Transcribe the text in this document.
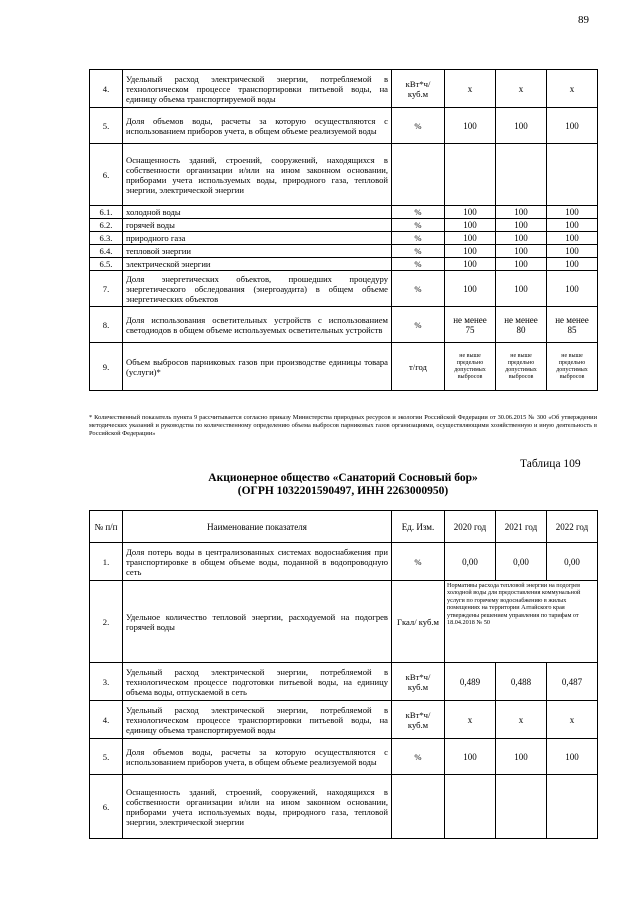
89
4.	Удельный расход электрической энергии, потребляемой в технологическом процессе транспортировки питьевой воды, на единицу объема транспортируемой воды	кВт*ч/ куб.м	х	х	х
5.	Доля объемов воды, расчеты за которую осуществляются с использованием приборов учета, в общем объеме реализуемой воды	%	100	100	100
6.	Оснащенность зданий, строений, сооружений, находящихся в собственности организации и/или на ином законном основании, приборами учета используемых воды, природного газа, тепловой энергии, электрической энергии				
6.1.	холодной воды	%	100	100	100
6.2.	горячей воды	%	100	100	100
6.3.	природного газа	%	100	100	100
6.4.	тепловой энергии	%	100	100	100
6.5.	электрической энергии	%	100	100	100
7.	Доля энергетических объектов, прошедших процедуру энергетического обследования (энергоаудита) в общем объеме энергетических объектов	%	100	100	100
8.	Доля использования осветительных устройств с использованием светодиодов в общем объеме используемых осветительных устройств	%	не менее 75	не менее 80	не менее 85
9.	Объем выбросов парниковых газов при производстве единицы товара (услуги)*	т/год	не выше предельно допустимых выбросов	не выше предельно допустимых выбросов	не выше предельно допустимых выбросов
* Количественный показатель пункта 9 рассчитывается согласно приказу Министерства природных ресурсов и экологии Российской Федерации от 30.06.2015 № 300 «Об утверждении методических указаний и руководства по количественному определению объема выбросов парниковых газов организациями, осуществляющими хозяйственную и иную деятельность в Российской Федерации»
Таблица 109
Акционерное общество «Санаторий Сосновый бор»
(ОГРН 1032201590497, ИНН 2263000950)
№ п/п	Наименование показателя	Ед. Изм.	2020 год	2021 год	2022 год
1.	Доля потерь воды в централизованных системах водоснабжения при транспортировке в общем объеме воды, поданной в водопроводную сеть	%	0,00	0,00	0,00
2.	Удельное количество тепловой энергии, расходуемой на подогрев горячей воды	Гкал/ куб.м	Нормативы расхода тепловой энергии на подогрев холодной воды для предоставления коммунальной услуги по горячему водоснабжению в жилых помещениях на территории Алтайского края утверждены решением управления по тарифам от 18.04.2018 № 50		
3.	Удельный расход электрической энергии, потребляемой в технологическом процессе подготовки питьевой воды, на единицу объема воды, отпускаемой в сеть	кВт*ч/ куб.м	0,489	0,488	0,487
4.	Удельный расход электрической энергии, потребляемой в технологическом процессе транспортировки питьевой воды, на единицу объема транспортируемой воды	кВт*ч/ куб.м	х	х	х
5.	Доля объемов воды, расчеты за которую осуществляются с использованием приборов учета, в общем объеме реализуемой воды	%	100	100	100
6.	Оснащенность зданий, строений, сооружений, находящихся в собственности организации и/или на ином законном основании, приборами учета используемых воды, природного газа, тепловой энергии, электрической энергии				
